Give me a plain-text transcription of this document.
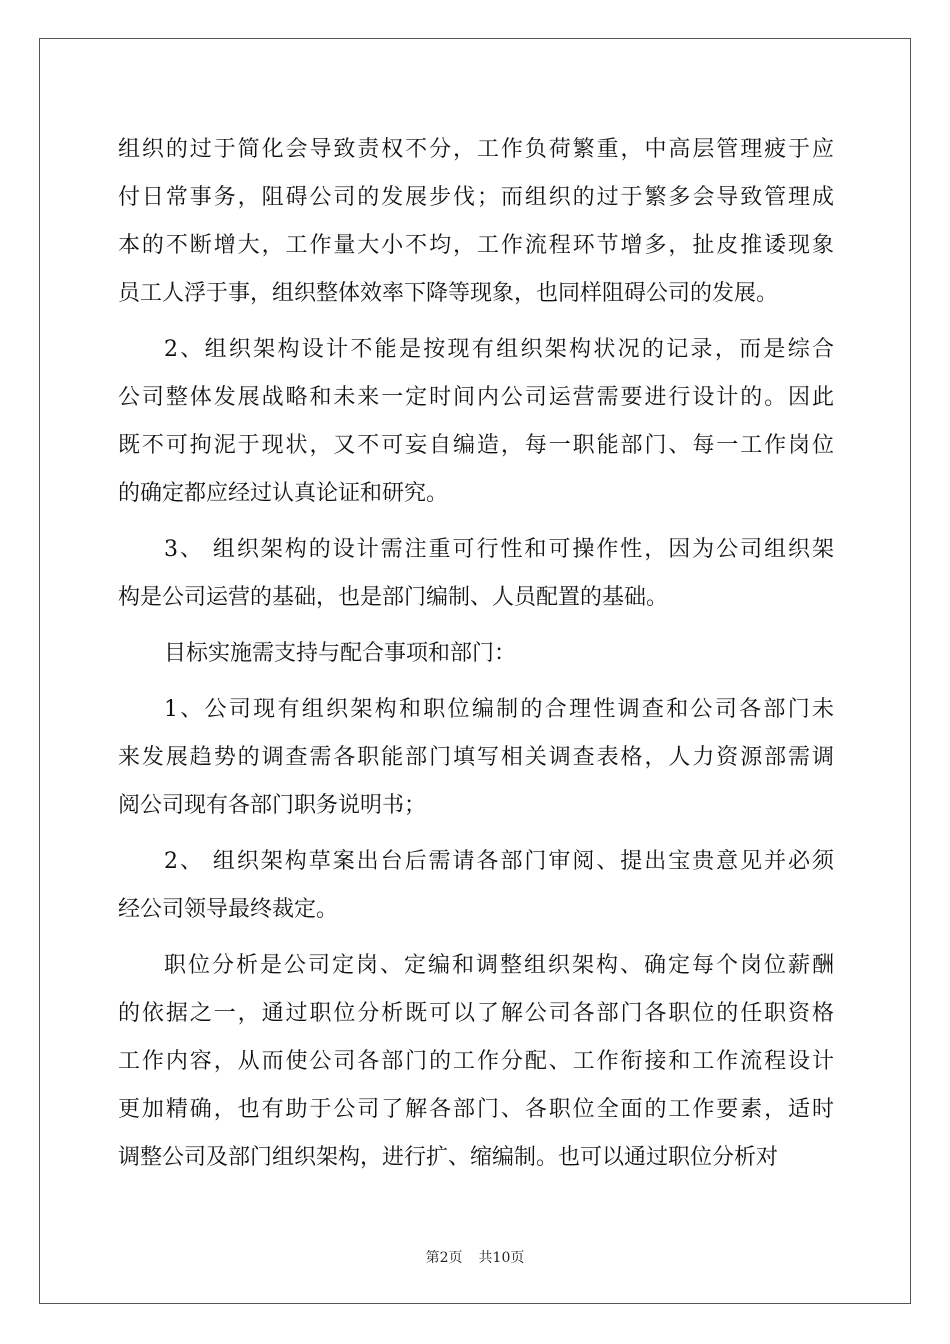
组织的过于简化会导致责权不分，工作负荷繁重，中高层管理疲于应
付日常事务，阻碍公司的发展步伐；而组织的过于繁多会导致管理成
本的不断增大，工作量大小不均，工作流程环节增多，扯皮推诿现象
员工人浮于事，组织整体效率下降等现象，也同样阻碍公司的发展。
2、组织架构设计不能是按现有组织架构状况的记录，而是综合
公司整体发展战略和未来一定时间内公司运营需要进行设计的。因此
既不可拘泥于现状，又不可妄自编造，每一职能部门、每一工作岗位
的确定都应经过认真论证和研究。
3、 组织架构的设计需注重可行性和可操作性，因为公司组织架
构是公司运营的基础，也是部门编制、人员配置的基础。
目标实施需支持与配合事项和部门：
1、公司现有组织架构和职位编制的合理性调查和公司各部门未
来发展趋势的调查需各职能部门填写相关调查表格，人力资源部需调
阅公司现有各部门职务说明书；
2、 组织架构草案出台后需请各部门审阅、提出宝贵意见并必须
经公司领导最终裁定。
职位分析是公司定岗、定编和调整组织架构、确定每个岗位薪酬
的依据之一，通过职位分析既可以了解公司各部门各职位的任职资格
工作内容，从而使公司各部门的工作分配、工作衔接和工作流程设计
更加精确，也有助于公司了解各部门、各职位全面的工作要素，适时
调整公司及部门组织架构，进行扩、缩编制。也可以通过职位分析对
第2页 共10页
